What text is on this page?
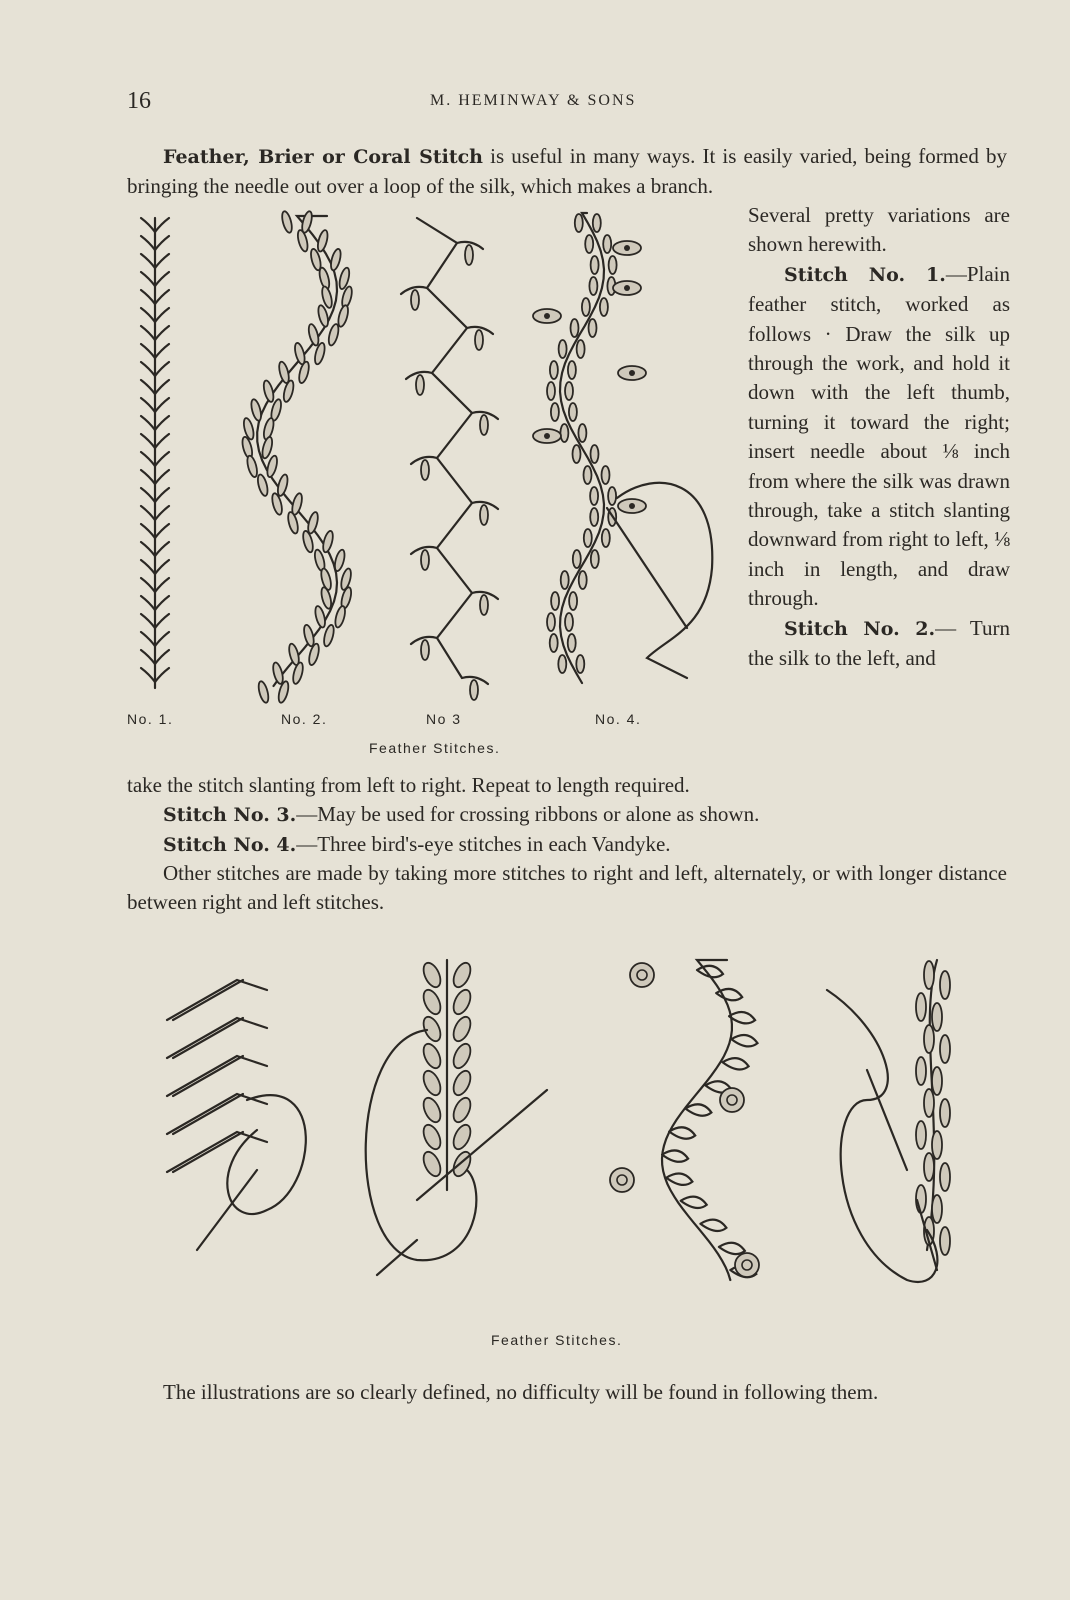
16	M. HEMINWAY & SONS
Feather, Brier or Coral Stitch is useful in many ways. It is easily varied, being formed by bringing the needle out over a loop of the silk, which makes a branch.
No. 1.	No. 2.	No 3	No. 4.
Feather Stitches.

Several pretty variations are shown herewith.

Stitch No. 1.—Plain feather stitch, worked as follows · Draw the silk up through the work, and hold it down with the left thumb, turning it toward the right; insert needle about ⅛ inch from where the silk was drawn through, take a stitch slanting downward from right to left, ⅛ inch in length, and draw through.

Stitch No. 2.— Turn the silk to the left, and

take the stitch slanting from left to right. Repeat to length required.
Stitch No. 3.—May be used for crossing ribbons or alone as shown.
Stitch No. 4.—Three bird's-eye stitches in each Vandyke.
Other stitches are made by taking more stitches to right and left, alternately, or with longer distance between right and left stitches.
Feather Stitches.
The illustrations are so clearly defined, no difficulty will be found in following them.
